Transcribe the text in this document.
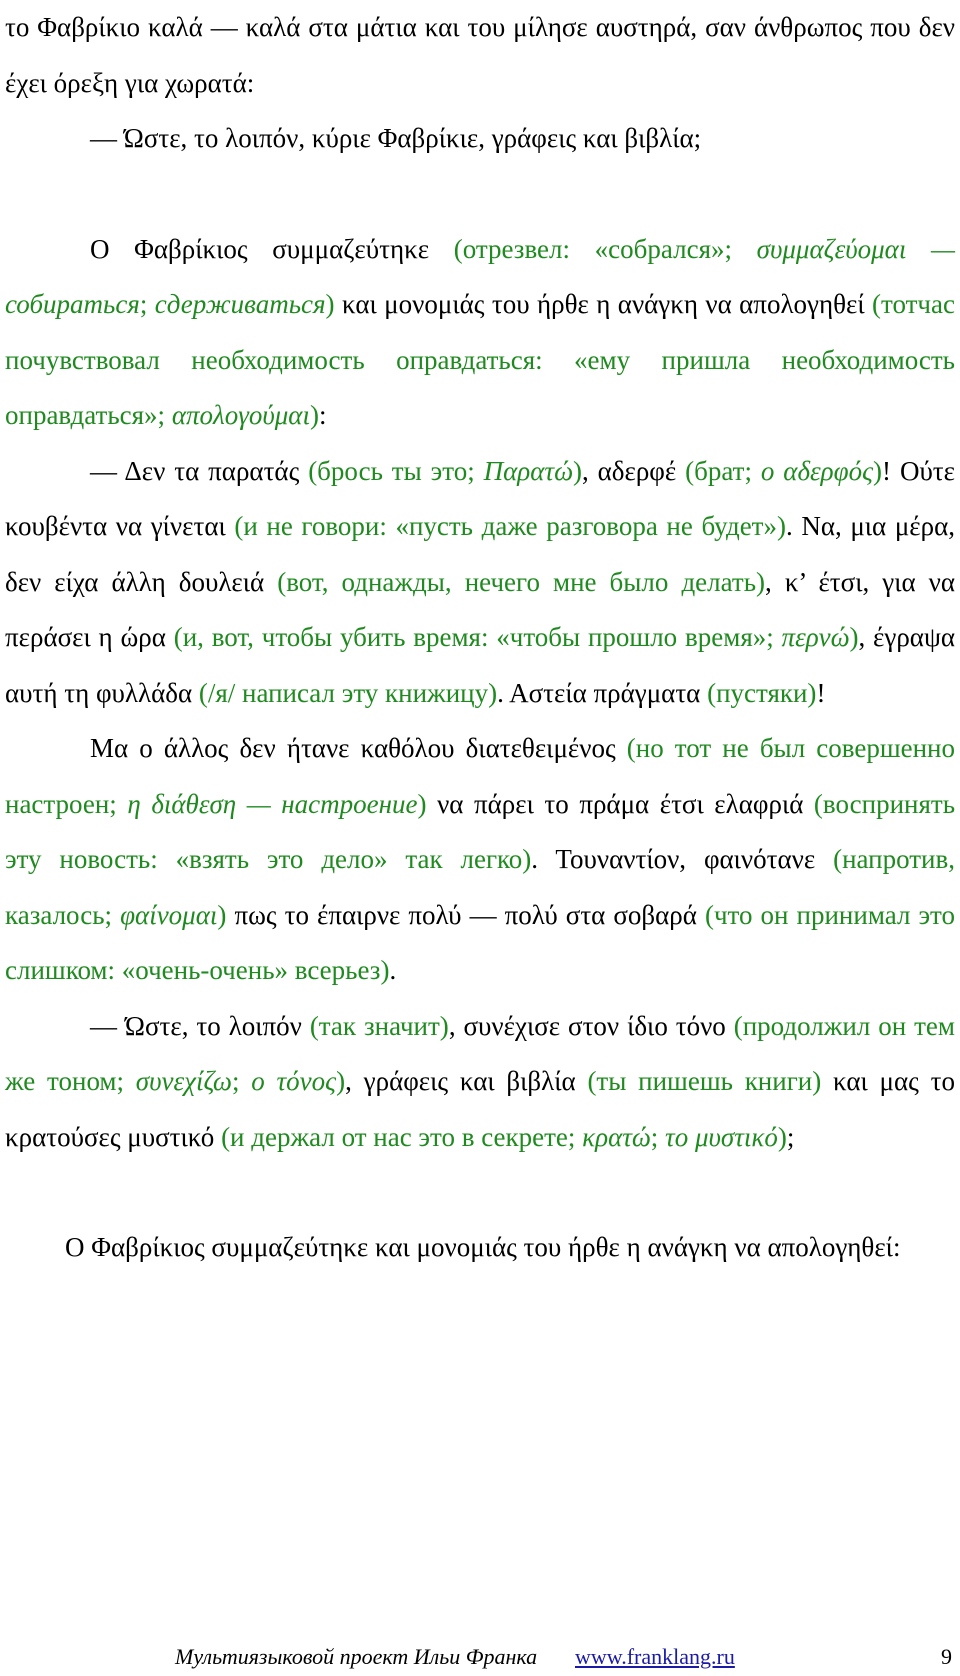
το Φαβρίκιο καλά — καλά στα μάτια και του μίλησε αυστηρά, σαν άνθρωπος που δεν έχει όρεξη για χωρατά:

— Ώστε, το λοιπόν, κύριε Φαβρίκιε, γράφεις και βιβλία;

Ο Φαβρίκιος συμμαζεύτηκε (отрезвел: «собрался»; συμμαζεύομαι — собираться; сдерживаться) και μονομιάς του ήρθε η ανάγκη να απολογηθεί (тотчас почувствовал необходимость оправдаться: «ему пришла необходимость оправдаться»; απολογούμαι):

— Δεν τα παρατάς (брось ты это; Παρατώ), αδερφέ (брат; ο αδερφός)! Ούτε κουβέντα να γίνεται (и не говори: «пусть даже разговора не будет»). Να, μια μέρα, δεν είχα άλλη δουλειά (вот, однажды, нечего мне было делать), κ’ έτσι, για να περάσει η ώρα (и, вот, чтобы убить время: «чтобы прошло время»; περνώ), έγραψα αυτή τη φυλλάδα (/я/ написал эту книжицу). Αστεία πράγματα (пустяки)!

Μα ο άλλος δεν ήτανε καθόλου διατεθειμένος (но тот не был совершенно настроен; η διάθεση — настроение) να πάρει το πράμα έτσι ελαφριά (воспринять эту новость: «взять это дело» так легко). Τουναντίον, φαινότανε (напротив, казалось; φαίνομαι) πως το έπαιρνε πολύ — πολύ στα σοβαρά (что он принимал это слишком: «очень-очень» всерьез).

— Ώστε, το λοιπόν (так значит), συνέχισε στον ίδιο τόνο (продолжил он тем же тоном; συνεχίζω; ο τόνος), γράφεις και βιβλία (ты пишешь книги) και μας το κρατούσες μυστικό (и держал от нас это в секрете; κρατώ; το μυστικό);

Ο Φαβρίκιος συμμαζεύτηκε και μονομιάς του ήρθε η ανάγκη να απολογηθεί:

Мультиязыковой проект Ильи Франка www.franklang.ru	9
